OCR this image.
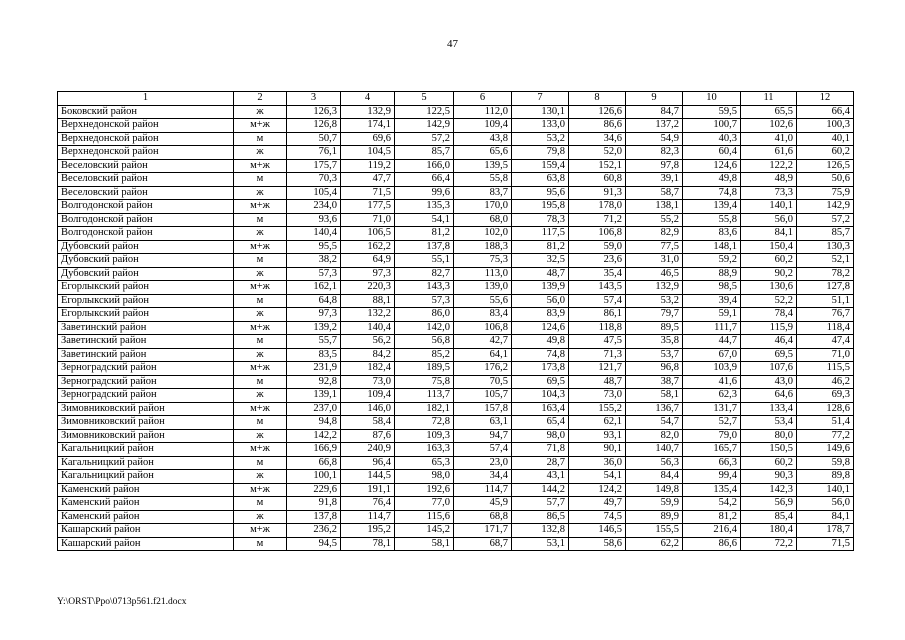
47
1	2	3	4	5	6	7	8	9	10	11	12
Боковский район	ж	126,3	132,9	122,5	112,0	130,1	126,6	84,7	59,5	65,5	66,4
Верхнедонской район	м+ж	126,8	174,1	142,9	109,4	133,0	86,6	137,2	100,7	102,6	100,3
Верхнедонской район	м	50,7	69,6	57,2	43,8	53,2	34,6	54,9	40,3	41,0	40,1
Верхнедонской район	ж	76,1	104,5	85,7	65,6	79,8	52,0	82,3	60,4	61,6	60,2
Веселовский район	м+ж	175,7	119,2	166,0	139,5	159,4	152,1	97,8	124,6	122,2	126,5
Веселовский район	м	70,3	47,7	66,4	55,8	63,8	60,8	39,1	49,8	48,9	50,6
Веселовский район	ж	105,4	71,5	99,6	83,7	95,6	91,3	58,7	74,8	73,3	75,9
Волгодонской район	м+ж	234,0	177,5	135,3	170,0	195,8	178,0	138,1	139,4	140,1	142,9
Волгодонской район	м	93,6	71,0	54,1	68,0	78,3	71,2	55,2	55,8	56,0	57,2
Волгодонской район	ж	140,4	106,5	81,2	102,0	117,5	106,8	82,9	83,6	84,1	85,7
Дубовский район	м+ж	95,5	162,2	137,8	188,3	81,2	59,0	77,5	148,1	150,4	130,3
Дубовский район	м	38,2	64,9	55,1	75,3	32,5	23,6	31,0	59,2	60,2	52,1
Дубовский район	ж	57,3	97,3	82,7	113,0	48,7	35,4	46,5	88,9	90,2	78,2
Егорлыкский район	м+ж	162,1	220,3	143,3	139,0	139,9	143,5	132,9	98,5	130,6	127,8
Егорлыкский район	м	64,8	88,1	57,3	55,6	56,0	57,4	53,2	39,4	52,2	51,1
Егорлыкский район	ж	97,3	132,2	86,0	83,4	83,9	86,1	79,7	59,1	78,4	76,7
Заветинский район	м+ж	139,2	140,4	142,0	106,8	124,6	118,8	89,5	111,7	115,9	118,4
Заветинский район	м	55,7	56,2	56,8	42,7	49,8	47,5	35,8	44,7	46,4	47,4
Заветинский район	ж	83,5	84,2	85,2	64,1	74,8	71,3	53,7	67,0	69,5	71,0
Зерноградский район	м+ж	231,9	182,4	189,5	176,2	173,8	121,7	96,8	103,9	107,6	115,5
Зерноградский район	м	92,8	73,0	75,8	70,5	69,5	48,7	38,7	41,6	43,0	46,2
Зерноградский район	ж	139,1	109,4	113,7	105,7	104,3	73,0	58,1	62,3	64,6	69,3
Зимовниковский район	м+ж	237,0	146,0	182,1	157,8	163,4	155,2	136,7	131,7	133,4	128,6
Зимовниковский район	м	94,8	58,4	72,8	63,1	65,4	62,1	54,7	52,7	53,4	51,4
Зимовниковский район	ж	142,2	87,6	109,3	94,7	98,0	93,1	82,0	79,0	80,0	77,2
Кагальницкий район	м+ж	166,9	240,9	163,3	57,4	71,8	90,1	140,7	165,7	150,5	149,6
Кагальницкий район	м	66,8	96,4	65,3	23,0	28,7	36,0	56,3	66,3	60,2	59,8
Кагальницкий район	ж	100,1	144,5	98,0	34,4	43,1	54,1	84,4	99,4	90,3	89,8
Каменский район	м+ж	229,6	191,1	192,6	114,7	144,2	124,2	149,8	135,4	142,3	140,1
Каменский район	м	91,8	76,4	77,0	45,9	57,7	49,7	59,9	54,2	56,9	56,0
Каменский район	ж	137,8	114,7	115,6	68,8	86,5	74,5	89,9	81,2	85,4	84,1
Кашарский район	м+ж	236,2	195,2	145,2	171,7	132,8	146,5	155,5	216,4	180,4	178,7
Кашарский район	м	94,5	78,1	58,1	68,7	53,1	58,6	62,2	86,6	72,2	71,5
Y:\ORST\Ppo\0713p561.f21.docx
